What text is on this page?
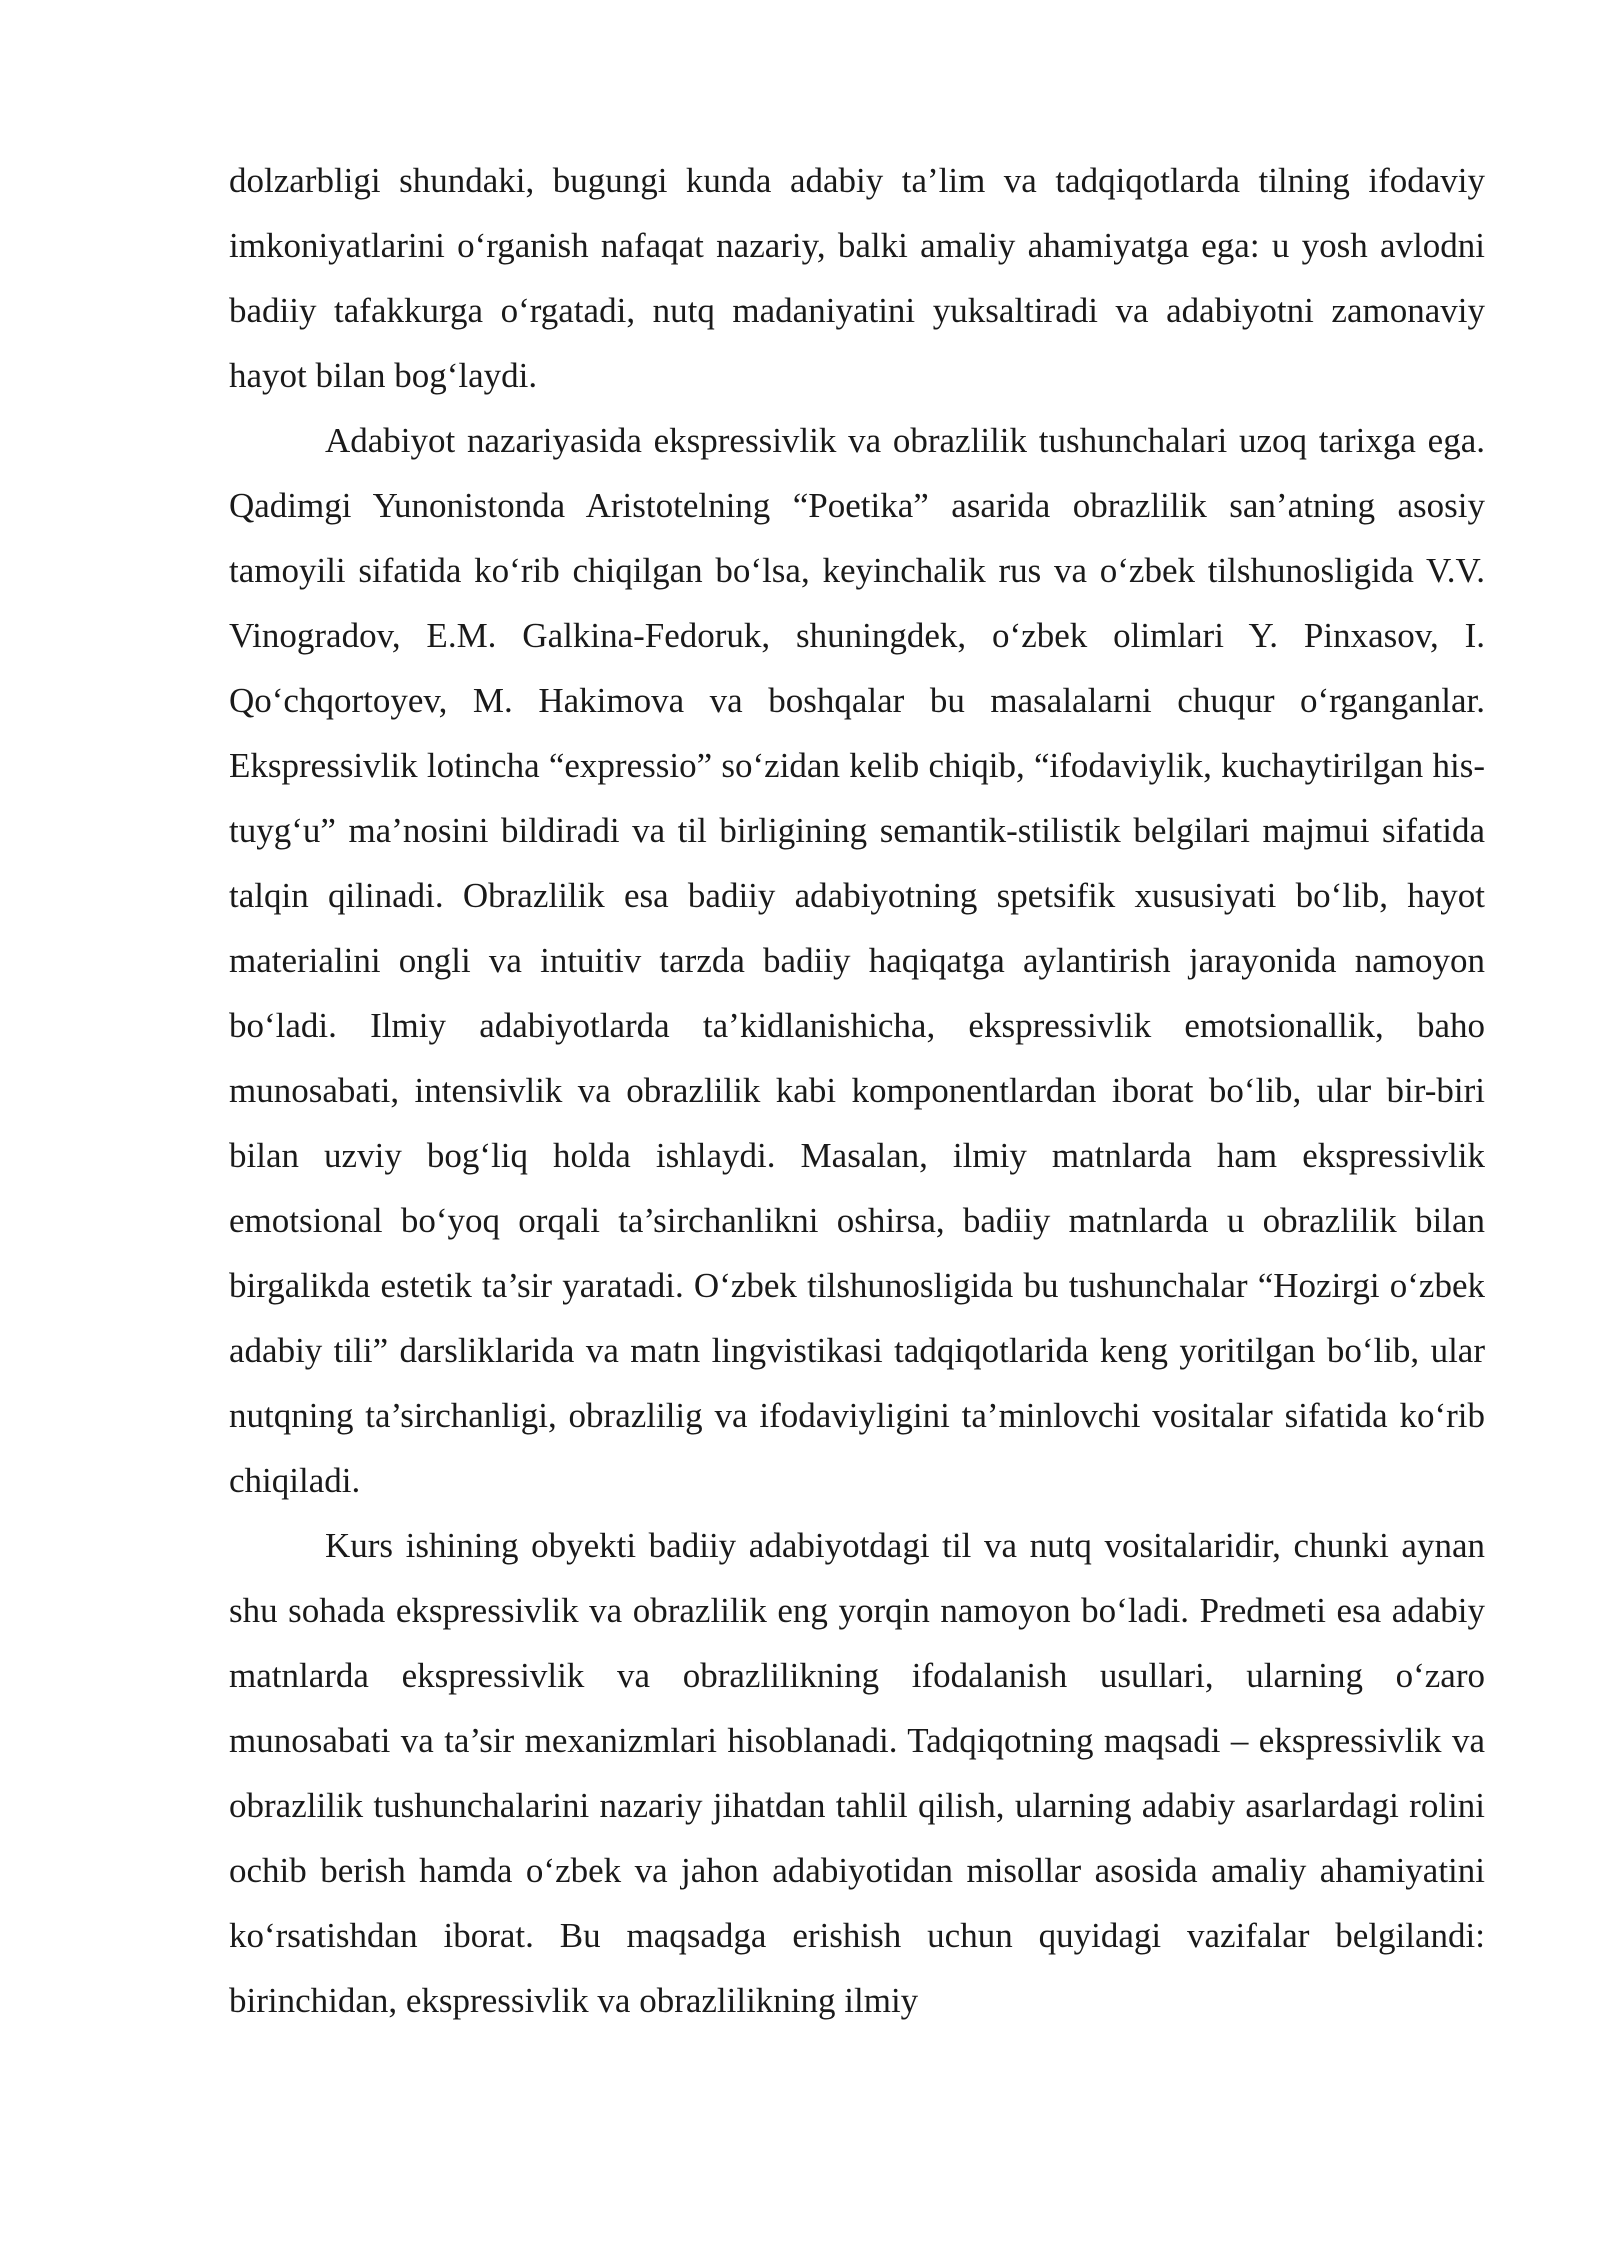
dolzarbligi shundaki, bugungi kunda adabiy ta’lim va tadqiqotlarda tilning ifodaviy imkoniyatlarini o‘rganish nafaqat nazariy, balki amaliy ahamiyatga ega: u yosh avlodni badiiy tafakkurga o‘rgatadi, nutq madaniyatini yuksaltiradi va adabiyotni zamonaviy hayot bilan bog‘laydi.

Adabiyot nazariyasida ekspressivlik va obrazlilik tushunchalari uzoq tarixga ega. Qadimgi Yunonistonda Aristotelning “Poetika” asarida obrazlilik san’atning asosiy tamoyili sifatida ko‘rib chiqilgan bo‘lsa, keyinchalik rus va o‘zbek tilshunosligida V.V. Vinogradov, E.M. Galkina-Fedoruk, shuningdek, o‘zbek olimlari Y. Pinxasov, I. Qo‘chqortoyev, M. Hakimova va boshqalar bu masalalarni chuqur o‘rganganlar. Ekspressivlik lotincha “expressio” so‘zidan kelib chiqib, “ifodaviylik, kuchaytirilgan his-tuyg‘u” ma’nosini bildiradi va til birligining semantik-stilistik belgilari majmui sifatida talqin qilinadi. Obrazlilik esa badiiy adabiyotning spetsifik xususiyati bo‘lib, hayot materialini ongli va intuitiv tarzda badiiy haqiqatga aylantirish jarayonida namoyon bo‘ladi. Ilmiy adabiyotlarda ta’kidlanishicha, ekspressivlik emotsionallik, baho munosabati, intensivlik va obrazlilik kabi komponentlardan iborat bo‘lib, ular bir-biri bilan uzviy bog‘liq holda ishlaydi. Masalan, ilmiy matnlarda ham ekspressivlik emotsional bo‘yoq orqali ta’sirchanlikni oshirsa, badiiy matnlarda u obrazlilik bilan birgalikda estetik ta’sir yaratadi. O‘zbek tilshunosligida bu tushunchalar “Hozirgi o‘zbek adabiy tili” darsliklarida va matn lingvistikasi tadqiqotlarida keng yoritilgan bo‘lib, ular nutqning ta’sirchanligi, obrazlilig va ifodaviyligini ta’minlovchi vositalar sifatida ko‘rib chiqiladi.

Kurs ishining obyekti badiiy adabiyotdagi til va nutq vositalaridir, chunki aynan shu sohada ekspressivlik va obrazlilik eng yorqin namoyon bo‘ladi. Predmeti esa adabiy matnlarda ekspressivlik va obrazlilikning ifodalanish usullari, ularning o‘zaro munosabati va ta’sir mexanizmlari hisoblanadi. Tadqiqotning maqsadi – ekspressivlik va obrazlilik tushunchalarini nazariy jihatdan tahlil qilish, ularning adabiy asarlardagi rolini ochib berish hamda o‘zbek va jahon adabiyotidan misollar asosida amaliy ahamiyatini ko‘rsatishdan iborat. Bu maqsadga erishish uchun quyidagi vazifalar belgilandi: birinchidan, ekspressivlik va obrazlilikning ilmiy
